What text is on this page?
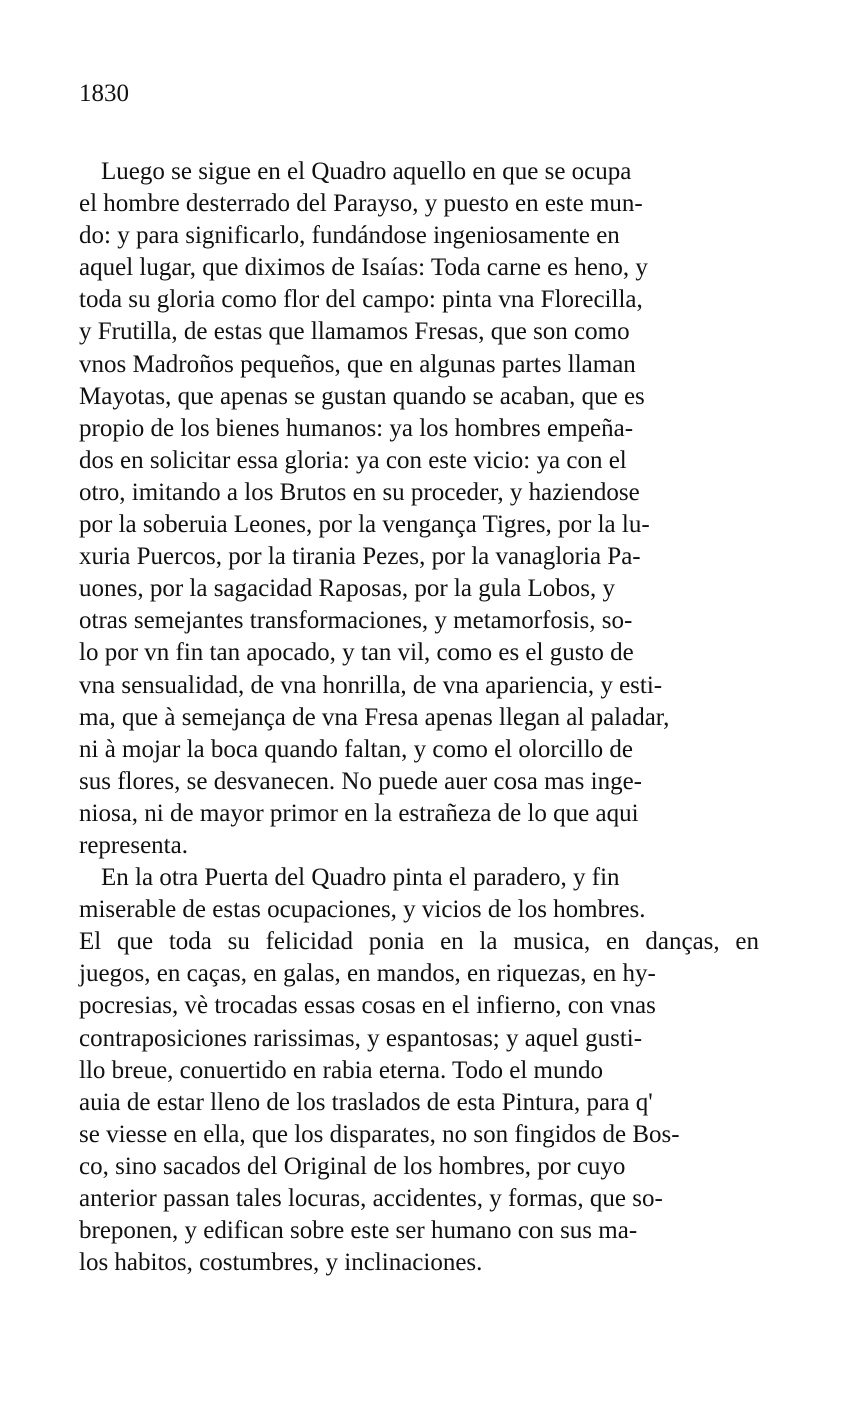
1830
Luego se sigue en el Quadro aquello en que se ocupa
el hombre desterrado del Parayso, y puesto en este mun-
do: y para significarlo, fundándose ingeniosamente en
aquel lugar, que diximos de Isaías: Toda carne es heno, y
toda su gloria como flor del campo: pinta vna Florecilla,
y Frutilla, de estas que llamamos Fresas, que son como
vnos Madroños pequeños, que en algunas partes llaman
Mayotas, que apenas se gustan quando se acaban, que es
propio de los bienes humanos: ya los hombres empeña-
dos en solicitar essa gloria: ya con este vicio: ya con el
otro, imitando a los Brutos en su proceder, y haziendose
por la soberuia Leones, por la vengança Tigres, por la lu-
xuria Puercos, por la tirania Pezes, por la vanagloria Pa-
uones, por la sagacidad Raposas, por la gula Lobos, y
otras semejantes transformaciones, y metamorfosis, so-
lo por vn fin tan apocado, y tan vil, como es el gusto de
vna sensualidad, de vna honrilla, de vna apariencia, y esti-
ma, que à semejança de vna Fresa apenas llegan al paladar,
ni à mojar la boca quando faltan, y como el olorcillo de
sus flores, se desvanecen. No puede auer cosa mas inge-
niosa, ni de mayor primor en la estrañeza de lo que aqui
representa.
En la otra Puerta del Quadro pinta el paradero, y fin
miserable de estas ocupaciones, y vicios de los hombres.
El que toda su felicidad ponia en la musica, en danças, en
juegos, en caças, en galas, en mandos, en riquezas, en hy-
pocresias, vè trocadas essas cosas en el infierno, con vnas
contraposiciones rarissimas, y espantosas; y aquel gusti-
llo breue, conuertido en rabia eterna. Todo el mundo
auia de estar lleno de los traslados de esta Pintura, para q'
se viesse en ella, que los disparates, no son fingidos de Bos-
co, sino sacados del Original de los hombres, por cuyo
anterior passan tales locuras, accidentes, y formas, que so-
breponen, y edifican sobre este ser humano con sus ma-
los habitos, costumbres, y inclinaciones.
